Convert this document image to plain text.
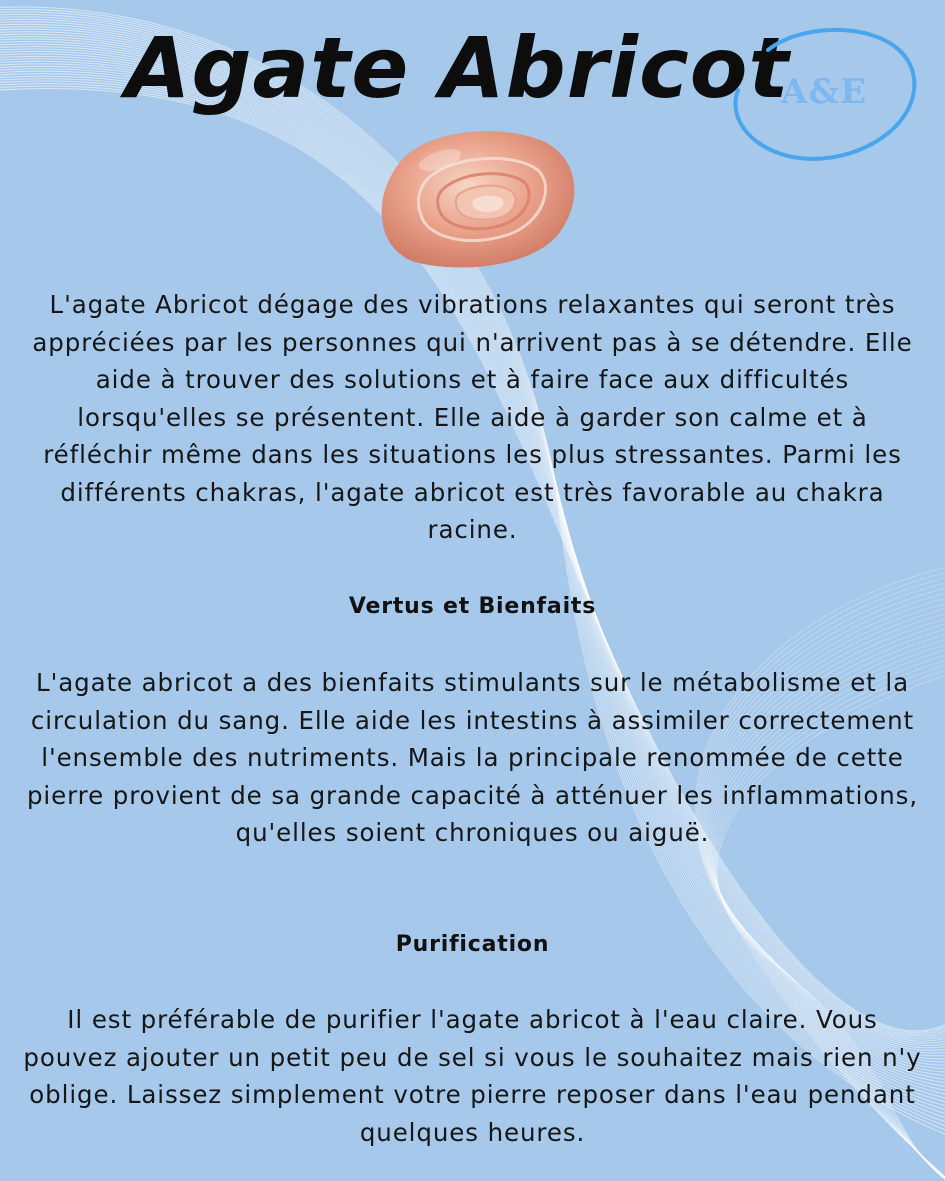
Agate Abricot
A&E

L'agate Abricot dégage des vibrations relaxantes qui seront très appréciées par les personnes qui n'arrivent pas à se détendre. Elle aide à trouver des solutions et à faire face aux difficultés lorsqu'elles se présentent. Elle aide à garder son calme et à réfléchir même dans les situations les plus stressantes. Parmi les différents chakras, l'agate abricot est très favorable au chakra racine.

Vertus et Bienfaits

L'agate abricot a des bienfaits stimulants sur le métabolisme et la circulation du sang. Elle aide les intestins à assimiler correctement l'ensemble des nutriments. Mais la principale renommée de cette pierre provient de sa grande capacité à atténuer les inflammations, qu'elles soient chroniques ou aiguë.

Purification

Il est préférable de purifier l'agate abricot à l'eau claire. Vous pouvez ajouter un petit peu de sel si vous le souhaitez mais rien n'y oblige. Laissez simplement votre pierre reposer dans l'eau pendant quelques heures.
